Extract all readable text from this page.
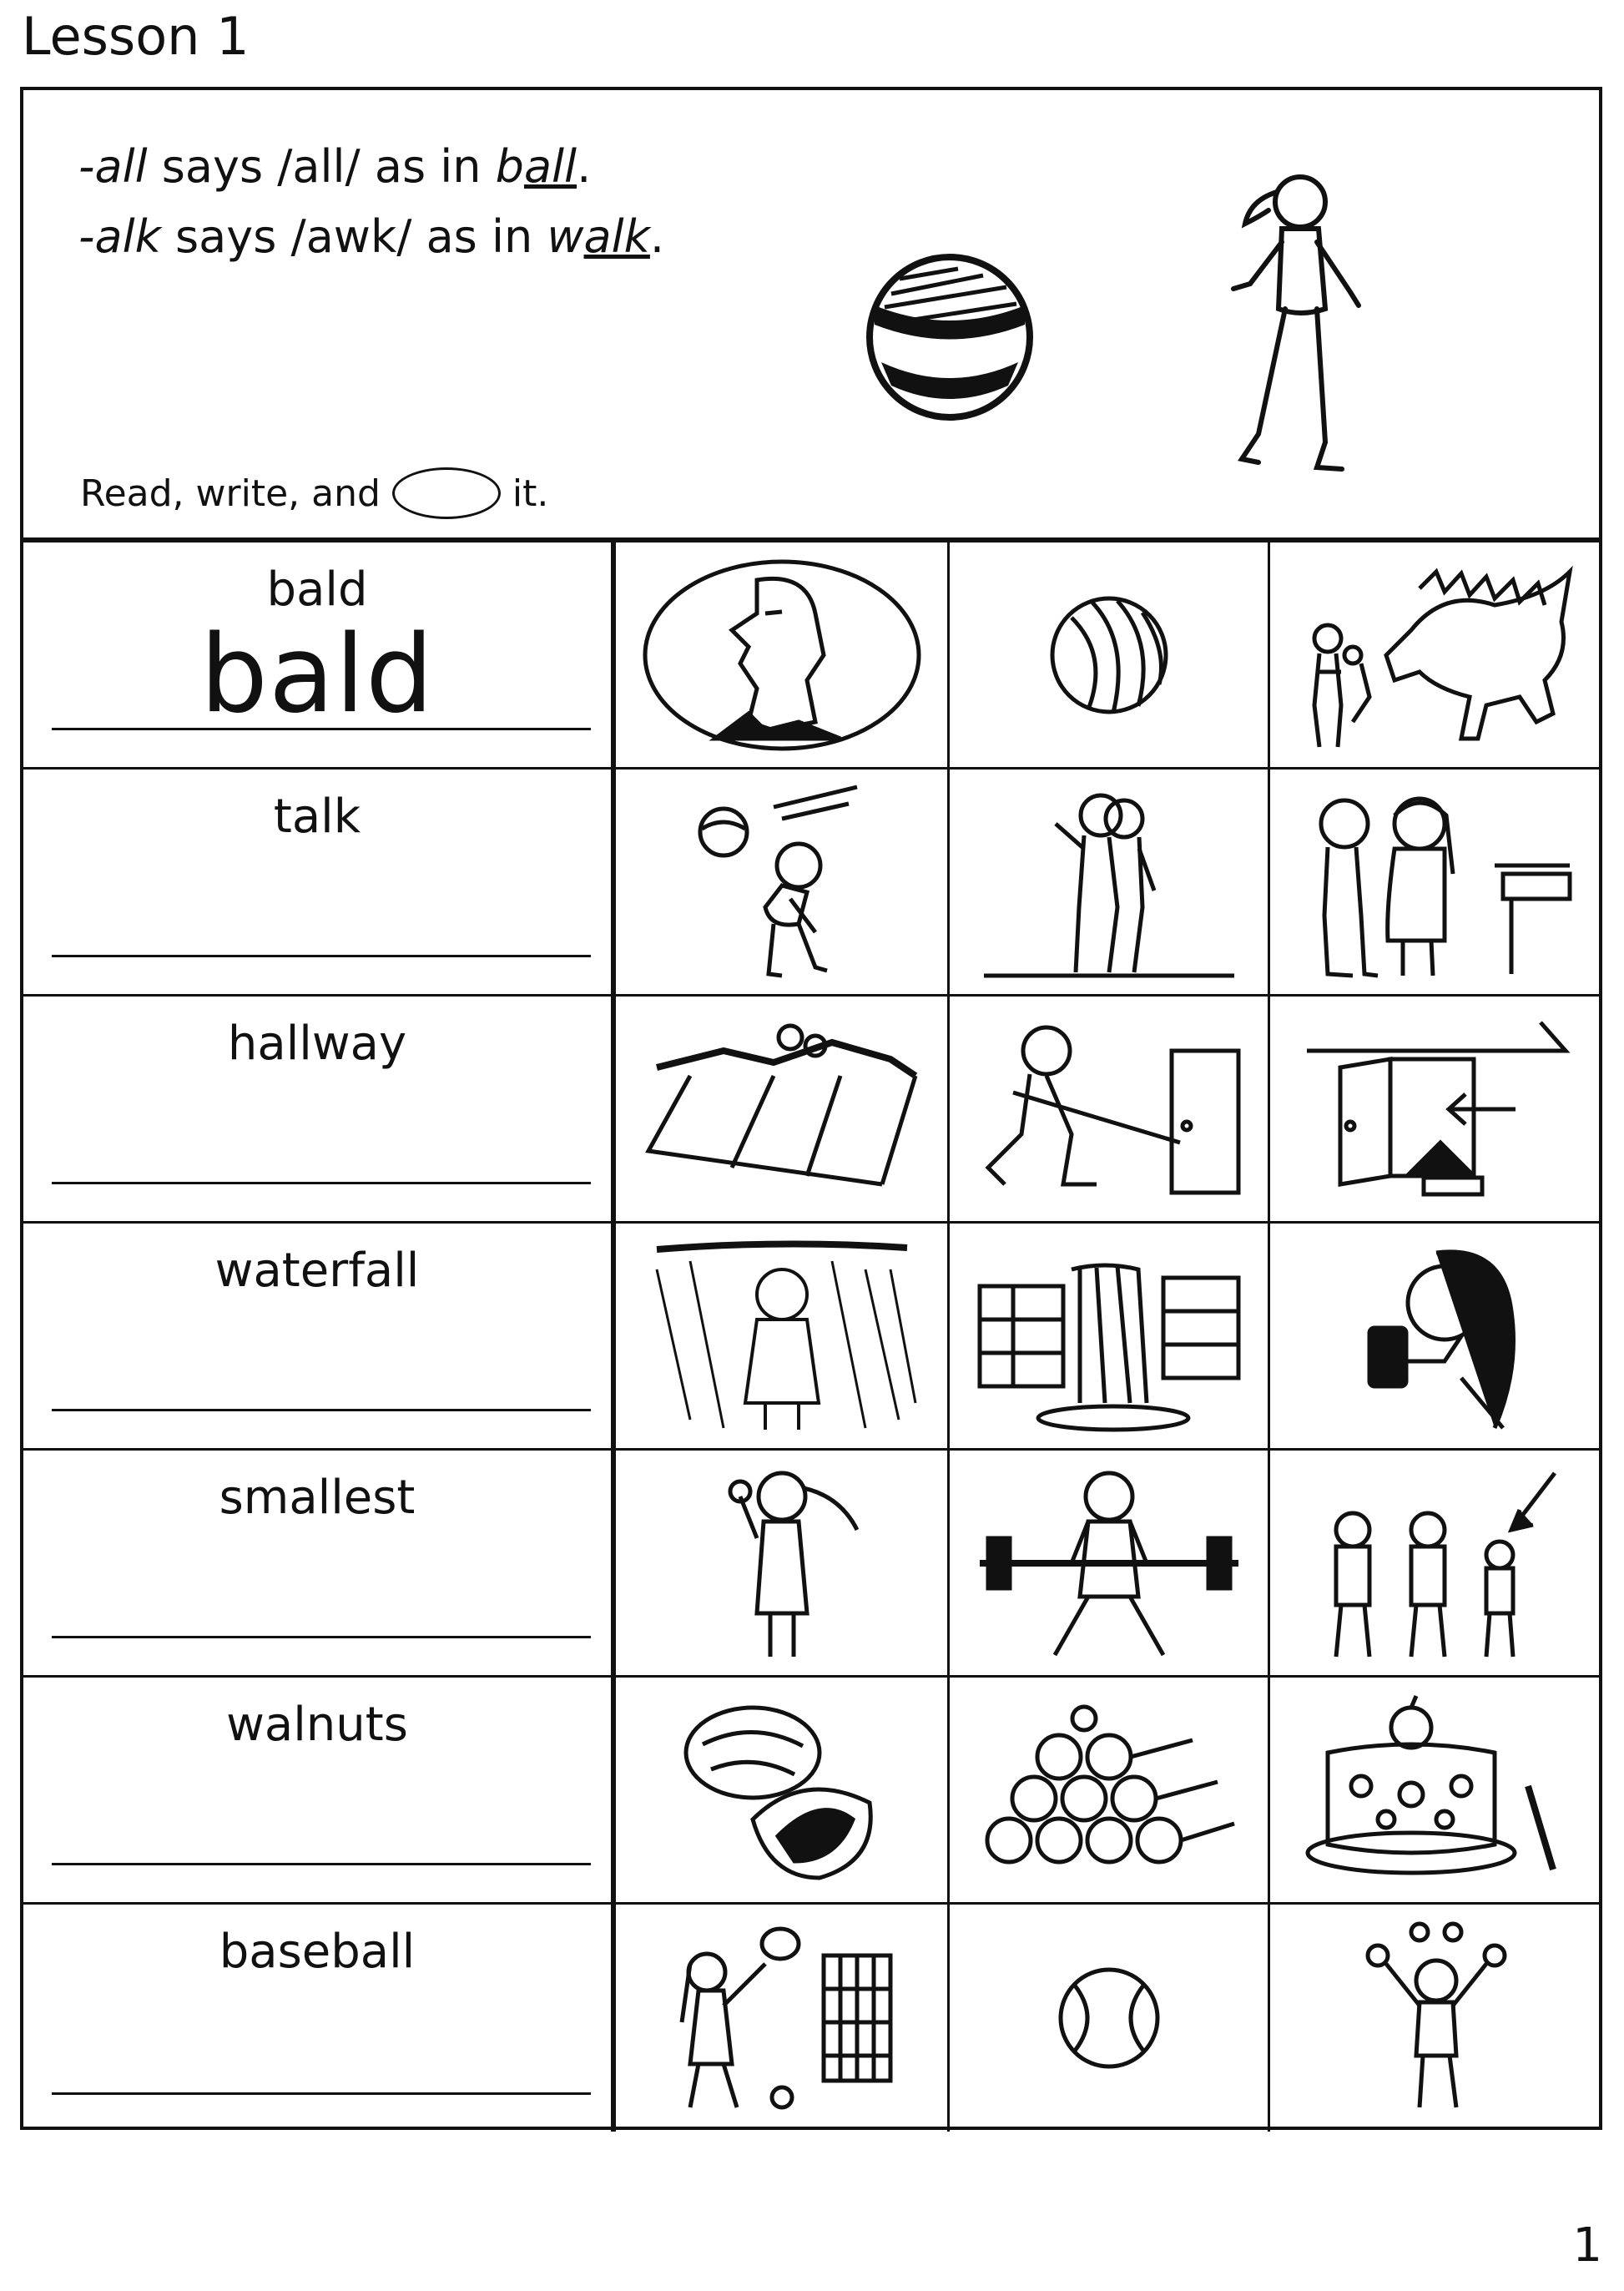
Lesson 1
-all says /all/ as in ball.
-alk says /awk/ as in walk.
Read, write, and	it.
bald
bald
talk
hallway
waterfall
smallest
walnuts
baseball
1
